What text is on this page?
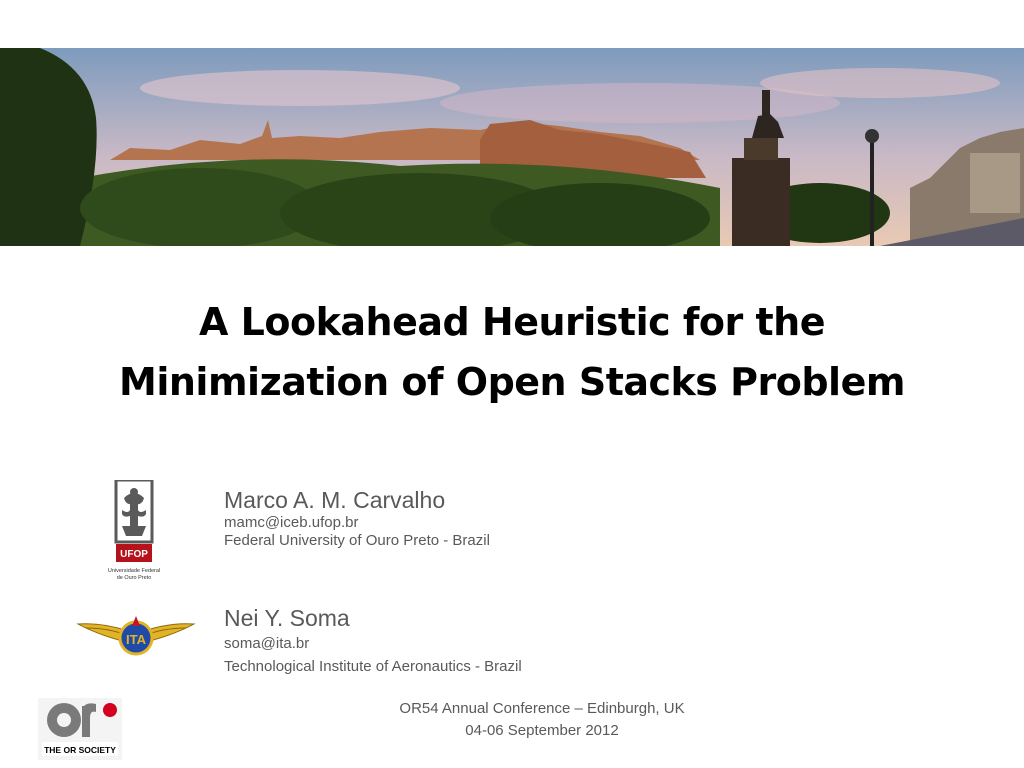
A Lookahead Heuristic for the
Minimization of Open Stacks Problem
UFOP
Universidade Federal
de Ouro Preto
Marco A. M. Carvalho
mamc@iceb.ufop.br
Federal University of Ouro Preto - Brazil
ITA
Nei Y. Soma
soma@ita.br
Technological Institute of Aeronautics - Brazil
THE OR SOCIETY
OR54 Annual Conference – Edinburgh, UK
04-06 September 2012
